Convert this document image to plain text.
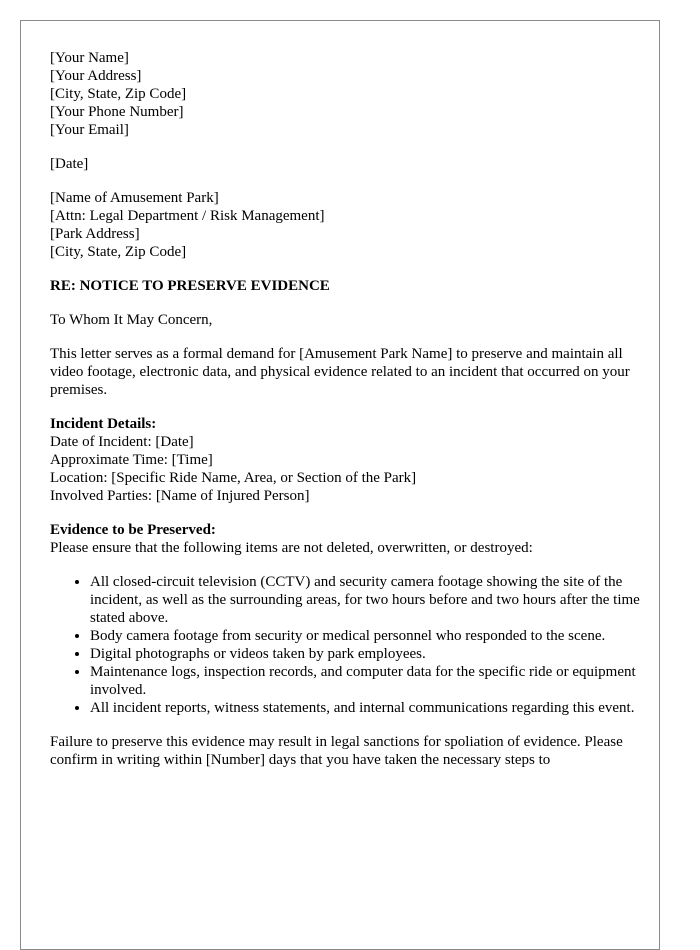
[Your Name]
[Your Address]
[City, State, Zip Code]
[Your Phone Number]
[Your Email]
[Date]
[Name of Amusement Park]
[Attn: Legal Department / Risk Management]
[Park Address]
[City, State, Zip Code]

RE: NOTICE TO PRESERVE EVIDENCE

To Whom It May Concern,

This letter serves as a formal demand for [Amusement Park Name] to preserve and maintain all video footage, electronic data, and physical evidence related to an incident that occurred on your premises.

Incident Details:
Date of Incident: [Date]
Approximate Time: [Time]
Location: [Specific Ride Name, Area, or Section of the Park]
Involved Parties: [Name of Injured Person]
Evidence to be Preserved:
Please ensure that the following items are not deleted, overwritten, or destroyed:
• All closed-circuit television (CCTV) and security camera footage showing the site of the incident, as well as the surrounding areas, for two hours before and two hours after the time stated above.
• Body camera footage from security or medical personnel who responded to the scene.
• Digital photographs or videos taken by park employees.
• Maintenance logs, inspection records, and computer data for the specific ride or equipment involved.
• All incident reports, witness statements, and internal communications regarding this event.

Failure to preserve this evidence may result in legal sanctions for spoliation of evidence. Please confirm in writing within [Number] days that you have taken the necessary steps to
